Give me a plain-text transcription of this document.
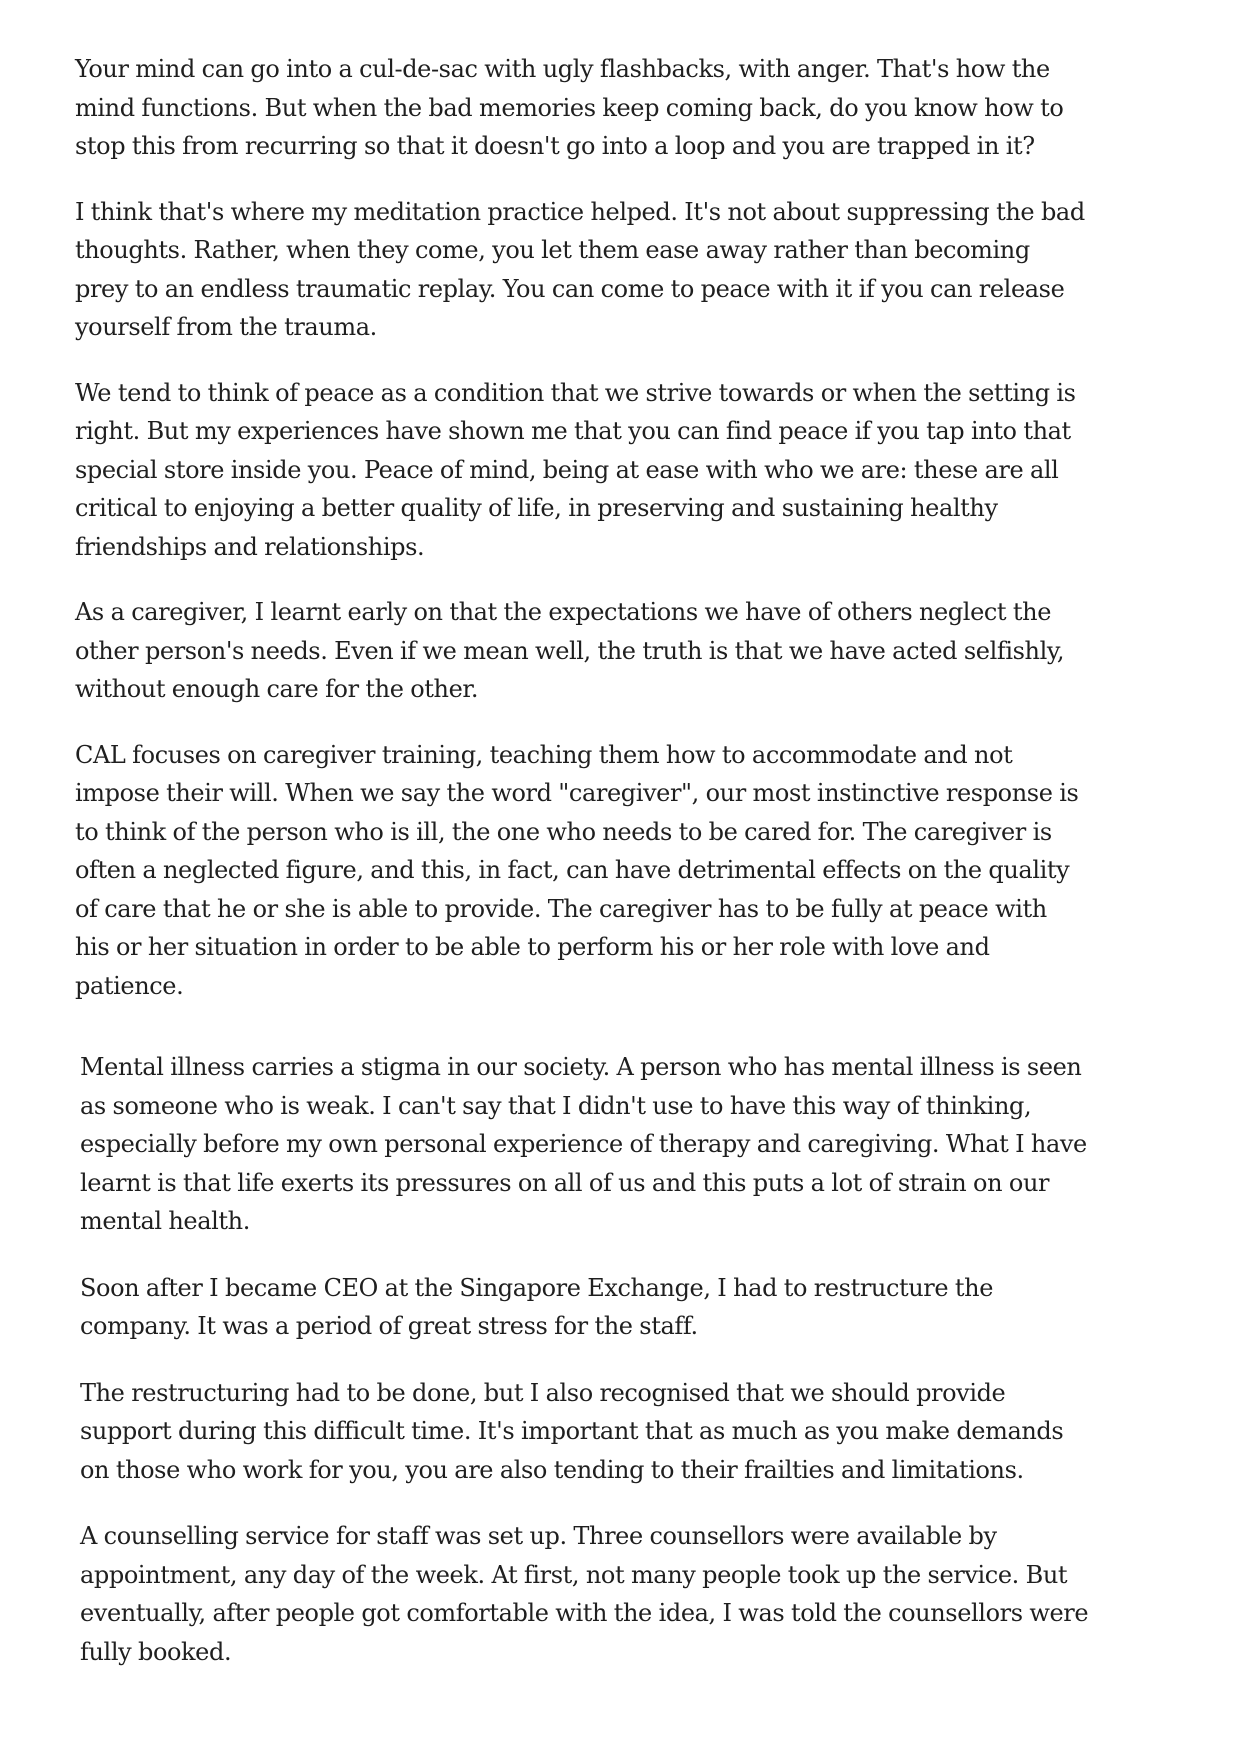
Your mind can go into a cul-de-sac with ugly flashbacks, with anger. That's how the mind functions. But when the bad memories keep coming back, do you know how to stop this from recurring so that it doesn't go into a loop and you are trapped in it?

I think that's where my meditation practice helped. It's not about suppressing the bad thoughts. Rather, when they come, you let them ease away rather than becoming prey to an endless traumatic replay. You can come to peace with it if you can release yourself from the trauma.

We tend to think of peace as a condition that we strive towards or when the setting is right. But my experiences have shown me that you can find peace if you tap into that special store inside you. Peace of mind, being at ease with who we are: these are all critical to enjoying a better quality of life, in preserving and sustaining healthy friendships and relationships.

As a caregiver, I learnt early on that the expectations we have of others neglect the other person's needs. Even if we mean well, the truth is that we have acted selfishly, without enough care for the other.

CAL focuses on caregiver training, teaching them how to accommodate and not impose their will. When we say the word "caregiver", our most instinctive response is to think of the person who is ill, the one who needs to be cared for. The caregiver is often a neglected figure, and this, in fact, can have detrimental effects on the quality of care that he or she is able to provide. The caregiver has to be fully at peace with his or her situation in order to be able to perform his or her role with love and patience.

Mental illness carries a stigma in our society. A person who has mental illness is seen as someone who is weak. I can't say that I didn't use to have this way of thinking, especially before my own personal experience of therapy and caregiving. What I have learnt is that life exerts its pressures on all of us and this puts a lot of strain on our mental health.

Soon after I became CEO at the Singapore Exchange, I had to restructure the company. It was a period of great stress for the staff.

The restructuring had to be done, but I also recognised that we should provide support during this difficult time. It's important that as much as you make demands on those who work for you, you are also tending to their frailties and limitations.

A counselling service for staff was set up. Three counsellors were available by appointment, any day of the week. At first, not many people took up the service. But eventually, after people got comfortable with the idea, I was told the counsellors were fully booked.
